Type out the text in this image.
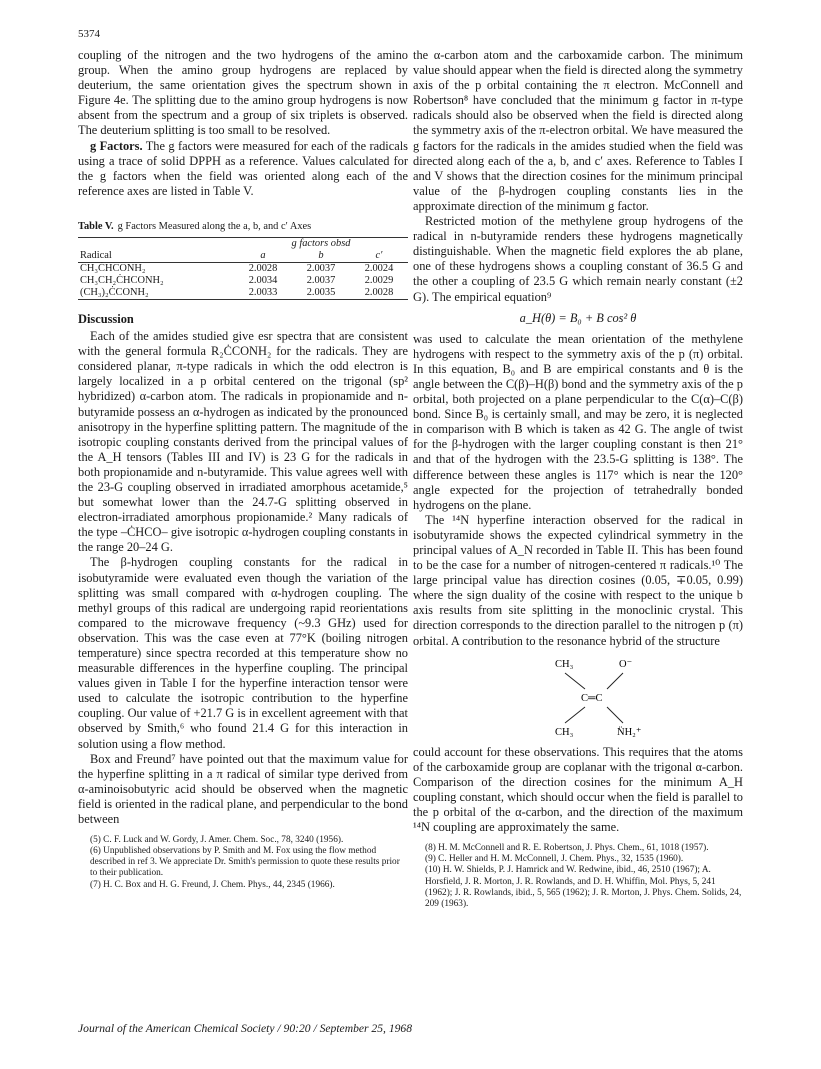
5374

coupling of the nitrogen and the two hydrogens of the amino group. When the amino group hydrogens are replaced by deuterium, the same orientation gives the spectrum shown in Figure 4e. The splitting due to the amino group hydrogens is now absent from the spectrum and a group of six triplets is observed. The deuterium splitting is too small to be resolved.

g Factors. The g factors were measured for each of the radicals using a trace of solid DPPH as a reference. Values calculated for the g factors when the field was oriented along each of the reference axes are listed in Table V.

Table V. g Factors Measured along the a, b, and c′ Axes
	g factors obsd		
Radical	a	b	c′
CH₃ĊHCONH₂	2.0028	2.0037	2.0024
CH₃CH₂ĊHCONH₂	2.0034	2.0037	2.0029
(CH₃)₂ĊCONH₂	2.0033	2.0035	2.0028
Discussion

Each of the amides studied give esr spectra that are consistent with the general formula R₂ĊCONH₂ for the radicals. They are considered planar, π-type radicals in which the odd electron is largely localized in a p orbital centered on the trigonal (sp² hybridized) α-carbon atom. The radicals in propionamide and n-butyramide possess an α-hydrogen as indicated by the pronounced anisotropy in the hyperfine splitting pattern. The magnitude of the isotropic coupling constants derived from the principal values of the A_H tensors (Tables III and IV) is 23 G for the radicals in both propionamide and n-butyramide. This value agrees well with the 23-G coupling observed in irradiated amorphous acetamide,⁵ but somewhat lower than the 24.7-G splitting observed in electron-irradiated amorphous propionamide.² Many radicals of the type –ĊHCO– give isotropic α-hydrogen coupling constants in the range 20–24 G.

The β-hydrogen coupling constants for the radical in isobutyramide were evaluated even though the variation of the splitting was small compared with α-hydrogen coupling. The methyl groups of this radical are undergoing rapid reorientations compared to the microwave frequency (~9.3 GHz) used for observation. This was the case even at 77°K (boiling nitrogen temperature) since spectra recorded at this temperature show no measurable differences in the hyperfine coupling. The principal values given in Table I for the hyperfine interaction tensor were used to calculate the isotropic contribution to the hyperfine coupling. Our value of +21.7 G is in excellent agreement with that observed by Smith,⁶ who found 21.4 G for this interaction in solution using a flow method.

Box and Freund⁷ have pointed out that the maximum value for the hyperfine splitting in a π radical of similar type derived from α-aminoisobutyric acid should be observed when the magnetic field is oriented in the radical plane, and perpendicular to the bond between

(5) C. F. Luck and W. Gordy, J. Amer. Chem. Soc., 78, 3240 (1956).
(6) Unpublished observations by P. Smith and M. Fox using the flow method described in ref 3. We appreciate Dr. Smith's permission to quote these results prior to their publication.
(7) H. C. Box and H. G. Freund, J. Chem. Phys., 44, 2345 (1966).

the α-carbon atom and the carboxamide carbon. The minimum value should appear when the field is directed along the symmetry axis of the p orbital containing the π electron. McConnell and Robertson⁸ have concluded that the minimum g factor in π-type radicals should also be observed when the field is directed along the symmetry axis of the π-electron orbital. We have measured the g factors for the radicals in the amides studied when the field was directed along each of the a, b, and c′ axes. Reference to Tables I and V shows that the direction cosines for the minimum principal value of the β-hydrogen coupling constants lies in the approximate direction of the minimum g factor.

Restricted motion of the methylene group hydrogens of the radical in n-butyramide renders these hydrogens magnetically distinguishable. When the magnetic field explores the ab plane, one of these hydrogens shows a coupling constant of 36.5 G and the other a coupling of 23.5 G which remain nearly constant (±2 G). The empirical equation⁹

a_H(θ) = B₀ + B cos² θ

was used to calculate the mean orientation of the methylene hydrogens with respect to the symmetry axis of the p (π) orbital. In this equation, B₀ and B are empirical constants and θ is the angle between the C(β)–H(β) bond and the symmetry axis of the p orbital, both projected on a plane perpendicular to the C(α)–C(β) bond. Since B₀ is certainly small, and may be zero, it is neglected in comparison with B which is taken as 42 G. The angle of twist for the β-hydrogen with the larger coupling constant is then 21° and that of the hydrogen with the 23.5-G splitting is 138°. The difference between these angles is 117° which is near the 120° angle expected for the projection of tetrahedrally bonded hydrogens on the plane.

The ¹⁴N hyperfine interaction observed for the radical in isobutyramide shows the expected cylindrical symmetry in the principal values of A_N recorded in Table II. This has been found to be the case for a number of nitrogen-centered π radicals.¹⁰ The large principal value has direction cosines (0.05, ∓0.05, 0.99) where the sign duality of the cosine with respect to the unique b axis results from site splitting in the monoclinic crystal. This direction corresponds to the direction parallel to the nitrogen p (π) orbital. A contribution to the resonance hybrid of the structure

CH₃	O⁻
C═C
CH₃	N̈H₂⁺

could account for these observations. This requires that the atoms of the carboxamide group are coplanar with the trigonal α-carbon. Comparison of the direction cosines for the minimum A_H coupling constant, which should occur when the field is parallel to the p orbital of the α-carbon, and the direction of the maximum ¹⁴N coupling are approximately the same.

(8) H. M. McConnell and R. E. Robertson, J. Phys. Chem., 61, 1018 (1957).
(9) C. Heller and H. M. McConnell, J. Chem. Phys., 32, 1535 (1960).
(10) H. W. Shields, P. J. Hamrick and W. Redwine, ibid., 46, 2510 (1967); A. Horsfield, J. R. Morton, J. R. Rowlands, and D. H. Whiffin, Mol. Phys, 5, 241 (1962); J. R. Rowlands, ibid., 5, 565 (1962); J. R. Morton, J. Phys. Chem. Solids, 24, 209 (1963).
Journal of the American Chemical Society / 90:20 / September 25, 1968
